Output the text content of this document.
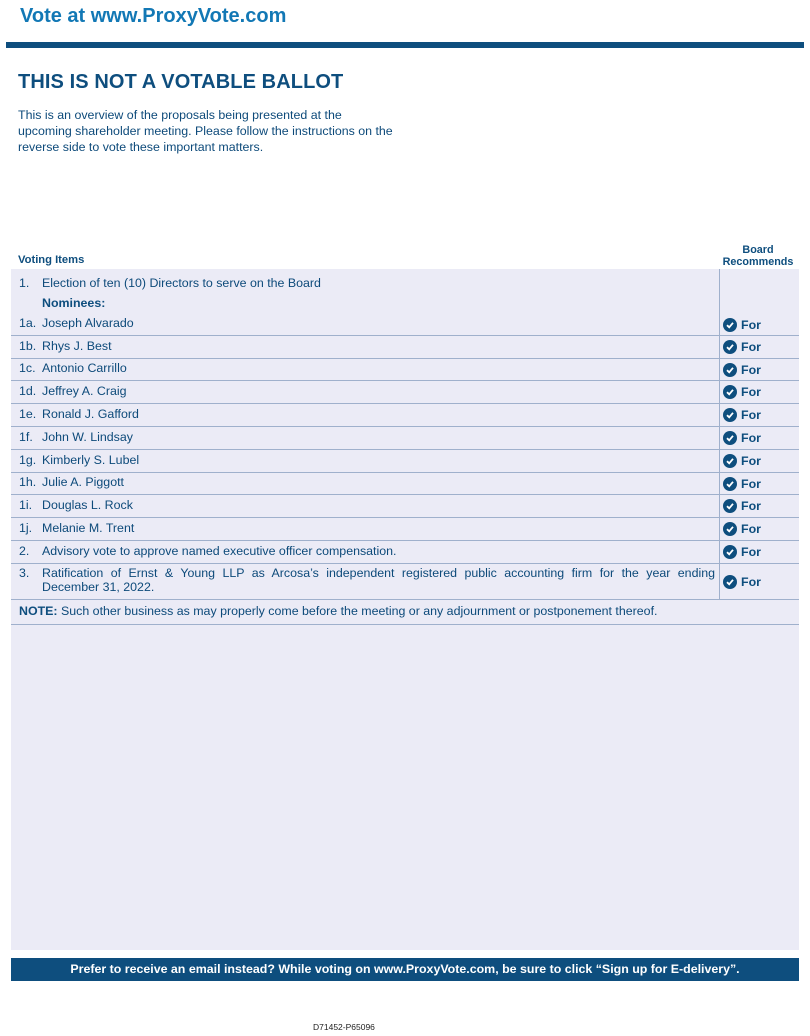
Vote at www.ProxyVote.com
THIS IS NOT A VOTABLE BALLOT
This is an overview of the proposals being presented at the upcoming shareholder meeting. Please follow the instructions on the reverse side to vote these important matters.
Voting Items
Board
Recommends
1. Election of ten (10) Directors to serve on the Board
Nominees:
1a. Joseph Alvarado	For
1b. Rhys J. Best	For
1c. Antonio Carrillo	For
1d. Jeffrey A. Craig	For
1e. Ronald J. Gafford	For
1f. John W. Lindsay	For
1g. Kimberly S. Lubel	For
1h. Julie A. Piggott	For
1i. Douglas L. Rock	For
1j. Melanie M. Trent	For
2. Advisory vote to approve named executive officer compensation.	For
3. Ratification of Ernst & Young LLP as Arcosa’s independent registered public accounting firm for the year ending
December 31, 2022.	For
NOTE: Such other business as may properly come before the meeting or any adjournment or postponement thereof.
Prefer to receive an email instead? While voting on www.ProxyVote.com, be sure to click “Sign up for E-delivery”.
D71452-P65096
